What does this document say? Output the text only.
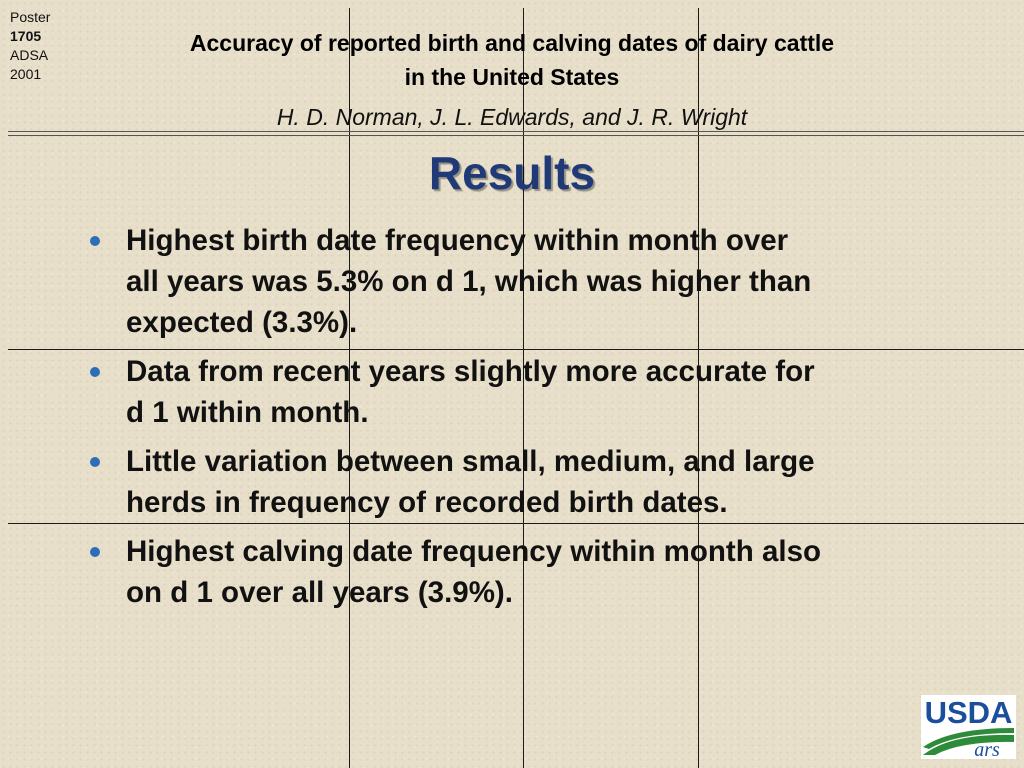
Poster
1705
ADSA
2001
Accuracy of reported birth and calving dates of dairy cattle
in the United States
H. D. Norman, J. L. Edwards, and J. R. Wright
Results
Highest birth date frequency within month over
all years was 5.3% on d 1, which was higher than
expected (3.3%).
Data from recent years slightly more accurate for
d 1 within month.
Little variation between small, medium, and large
herds in frequency of recorded birth dates.
Highest calving date frequency within month also
on d 1 over all years (3.9%).
USDA
ars
